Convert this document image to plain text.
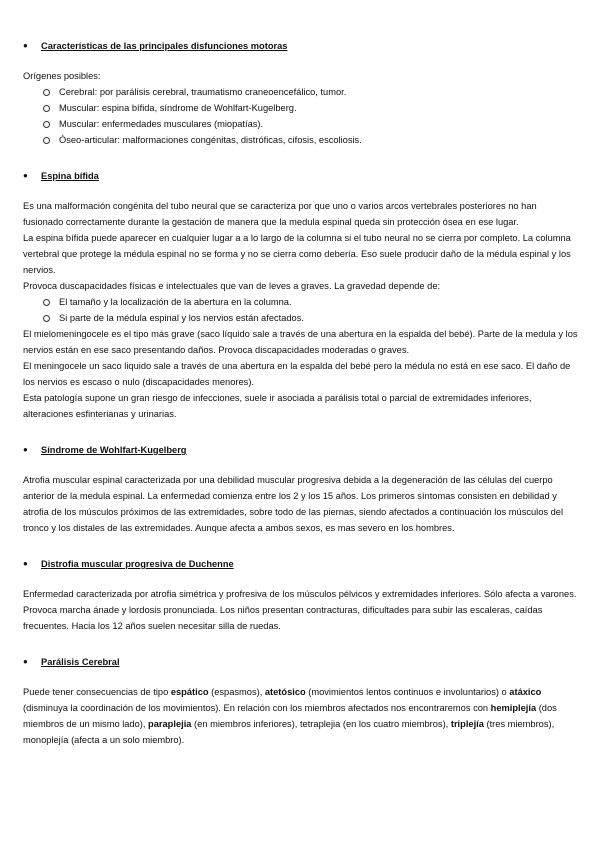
●	Características de las principales disfunciones motoras

Orígenes posibles:

Cerebral: por parálisis cerebral, traumatismo craneoencefálico, tumor.
Muscular: espina bífida, síndrome de Wohlfart-Kugelberg.
Muscular: enfermedades musculares (miopatías).
Óseo-articular: malformaciones congénitas, distróficas, cifosis, escoliosis.
●	Espina bífida

Es una malformación congénita del tubo neural que se caracteriza por que uno o varios arcos vertebrales posteriores no han fusionado correctamente durante la gestación de manera que la medula espinal queda sin protección ósea en ese lugar.

La espina bífida puede aparecer en cualquier lugar a a lo largo de la columna si el tubo neural no se cierra por completo. La columna vertebral que protege la médula espinal no se forma y no se cierra como debería. Eso suele producir daño de la médula espinal y los nervios.

Provoca duscapacidades físicas e intelectuales que van de leves a graves. La gravedad depende de:

El tamaño y la localización de la abertura en la columna.
Si parte de la médula espinal y los nervios están afectados.

El mielomeningocele es el tipo más grave (saco líquido sale a través de una abertura en la espalda del bebé). Parte de la medula y los nervios están en ese saco presentando daños. Provoca discapacidades moderadas o graves.

El meningocele un saco liquido sale a través de una abertura en la espalda del bebé pero la médula no está en ese saco. El daño de los nervios es escaso o nulo (discapacidades menores).

Esta patología supone un gran riesgo de infecciones, suele ir asociada a parálisis total o parcial de extremidades inferiores, alteraciones esfinterianas y urinarias.

●	Síndrome de Wohlfart-Kugelberg

Atrofia muscular espinal caracterizada por una debilidad muscular progresiva debida a la degeneración de las células del cuerpo anterior de la medula espinal. La enfermedad comienza entre los 2 y los 15 años. Los primeros síntomas consisten en debilidad y atrofia de los músculos próximos de las extremidades, sobre todo de las piernas, siendo afectados a continuación los músculos del tronco y los distales de las extremidades. Aunque afecta a ambos sexos, es mas severo en los hombres.

●	Distrofia muscular progresiva de Duchenne

Enfermedad caracterizada por atrofia simétrica y profresiva de los músculos pélvicos y extremidades inferiores. Sólo afecta a varones. Provoca marcha ánade y lordosis pronunciada. Los niños presentan contracturas, dificultades para subir las escaleras, caídas frecuentes. Hacia los 12 años suelen necesitar silla de ruedas.

●	Parálisis Cerebral

Puede tener consecuencias de tipo espático (espasmos), atetósico (movimientos lentos continuos e involuntarios) o atáxico (disminuya la coordinación de los movimientos). En relación con los miembros afectados nos encontraremos con hemiplejía (dos miembros de un mismo lado), paraplejia (en miembros inferiores), tetraplejia (en los cuatro miembros), triplejía (tres miembros), monoplejía (afecta a un solo miembro).
